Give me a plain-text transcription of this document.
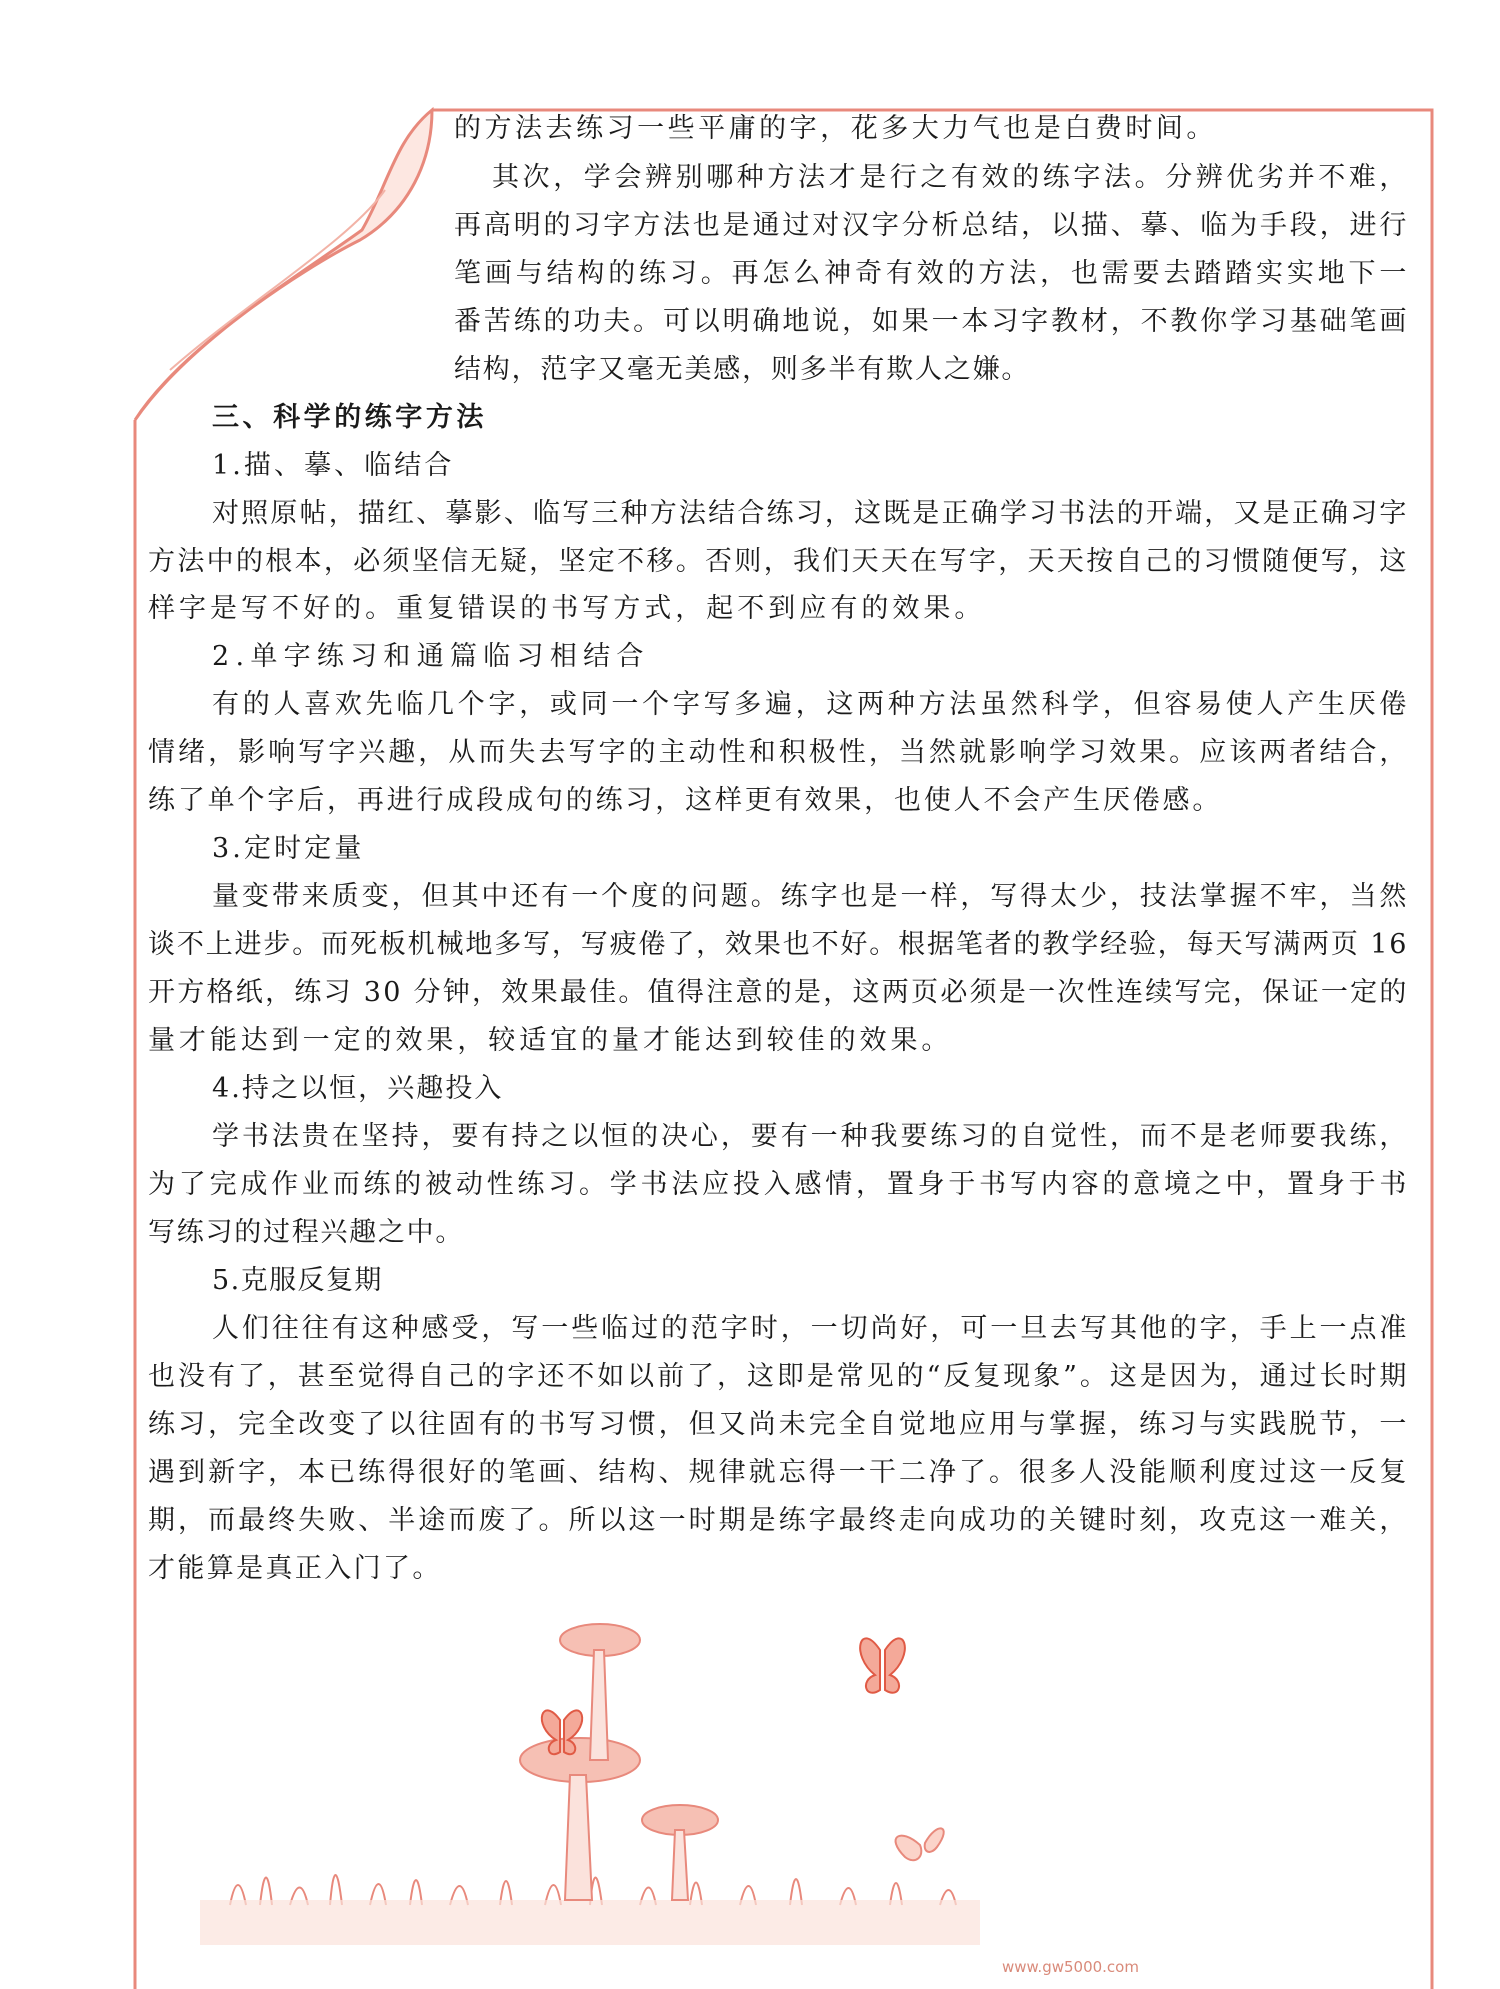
的方法去练习一些平庸的字，花多大力气也是白费时间。
其次，学会辨别哪种方法才是行之有效的练字法。分辨优劣并不难，
再高明的习字方法也是通过对汉字分析总结，以描、摹、临为手段，进行
笔画与结构的练习。再怎么神奇有效的方法，也需要去踏踏实实地下一
番苦练的功夫。可以明确地说，如果一本习字教材，不教你学习基础笔画
结构，范字又毫无美感，则多半有欺人之嫌。
三、科学的练字方法
1.描、摹、临结合
对照原帖，描红、摹影、临写三种方法结合练习，这既是正确学习书法的开端，又是正确习字
方法中的根本，必须坚信无疑，坚定不移。否则，我们天天在写字，天天按自己的习惯随便写，这
样字是写不好的。重复错误的书写方式，起不到应有的效果。
2.单字练习和通篇临习相结合
有的人喜欢先临几个字，或同一个字写多遍，这两种方法虽然科学，但容易使人产生厌倦
情绪，影响写字兴趣，从而失去写字的主动性和积极性，当然就影响学习效果。应该两者结合，
练了单个字后，再进行成段成句的练习，这样更有效果，也使人不会产生厌倦感。
3.定时定量
量变带来质变，但其中还有一个度的问题。练字也是一样，写得太少，技法掌握不牢，当然
谈不上进步。而死板机械地多写，写疲倦了，效果也不好。根据笔者的教学经验，每天写满两页 16
开方格纸，练习 30 分钟，效果最佳。值得注意的是，这两页必须是一次性连续写完，保证一定的
量才能达到一定的效果，较适宜的量才能达到较佳的效果。
4.持之以恒，兴趣投入
学书法贵在坚持，要有持之以恒的决心，要有一种我要练习的自觉性，而不是老师要我练，
为了完成作业而练的被动性练习。学书法应投入感情，置身于书写内容的意境之中，置身于书
写练习的过程兴趣之中。
5.克服反复期
人们往往有这种感受，写一些临过的范字时，一切尚好，可一旦去写其他的字，手上一点准
也没有了，甚至觉得自己的字还不如以前了，这即是常见的“反复现象”。这是因为，通过长时期
练习，完全改变了以往固有的书写习惯，但又尚未完全自觉地应用与掌握，练习与实践脱节，一
遇到新字，本已练得很好的笔画、结构、规律就忘得一干二净了。很多人没能顺利度过这一反复
期，而最终失败、半途而废了。所以这一时期是练字最终走向成功的关键时刻，攻克这一难关，
才能算是真正入门了。
www.gw5000.com
